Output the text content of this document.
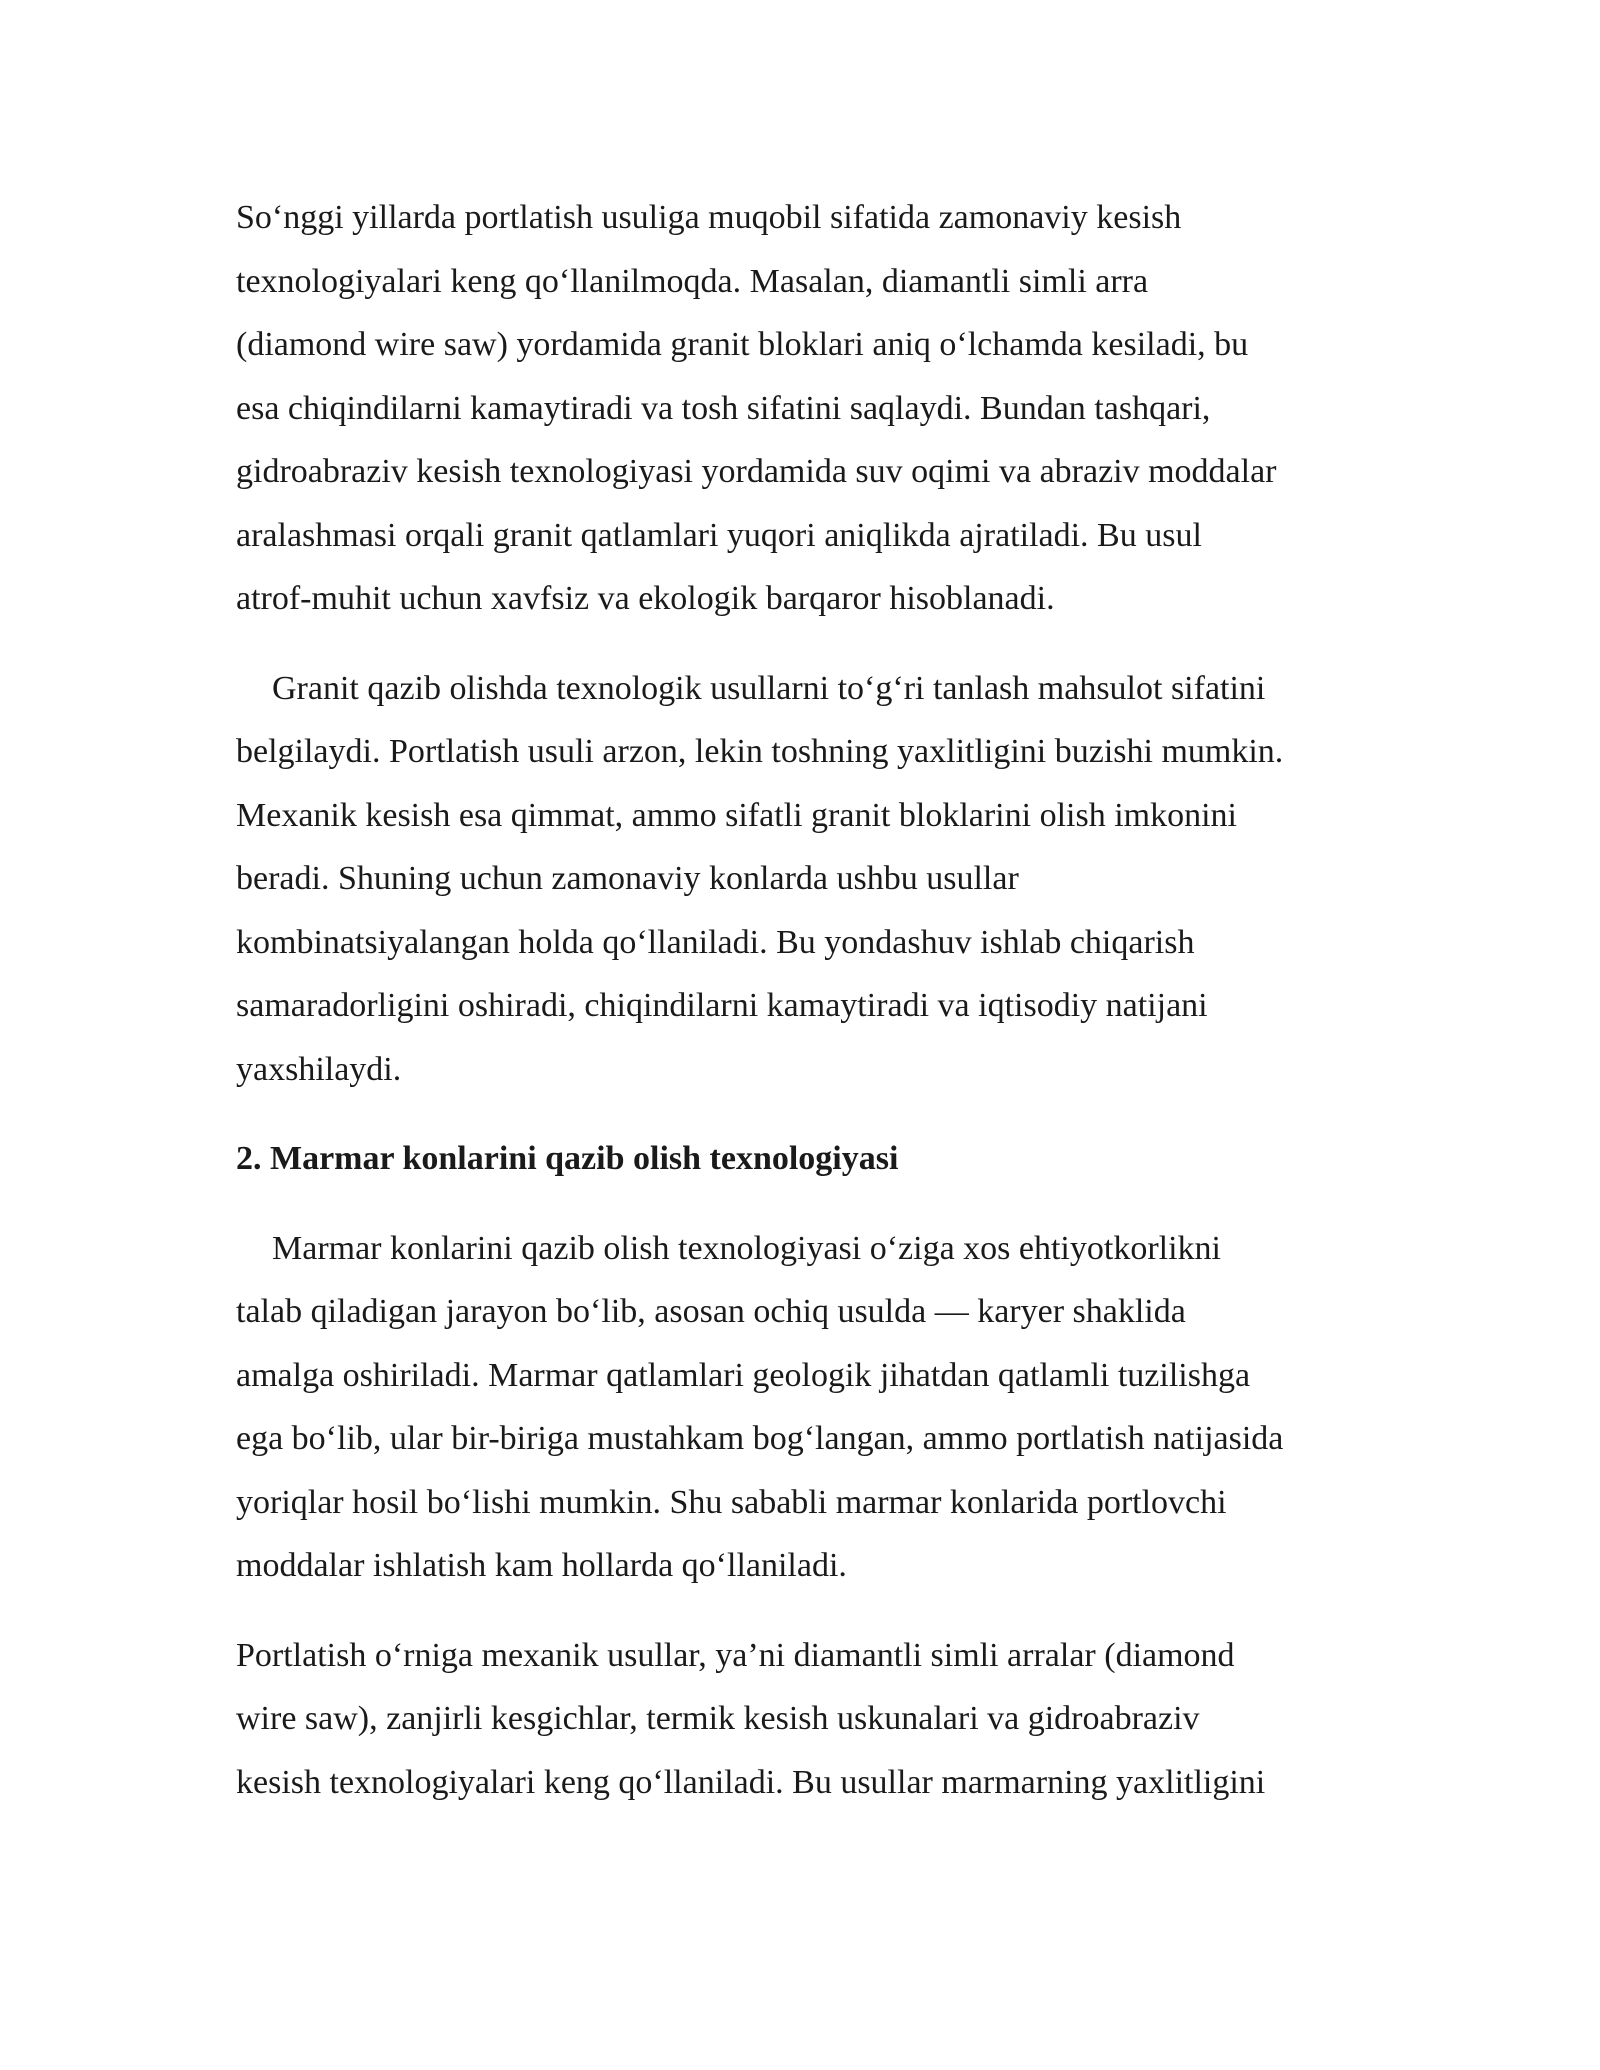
So‘nggi yillarda portlatish usuliga muqobil sifatida zamonaviy kesish
texnologiyalari keng qo‘llanilmoqda. Masalan, diamantli simli arra
(diamond wire saw) yordamida granit bloklari aniq o‘lchamda kesiladi, bu
esa chiqindilarni kamaytiradi va tosh sifatini saqlaydi. Bundan tashqari,
gidroabraziv kesish texnologiyasi yordamida suv oqimi va abraziv moddalar
aralashmasi orqali granit qatlamlari yuqori aniqlikda ajratiladi. Bu usul
atrof-muhit uchun xavfsiz va ekologik barqaror hisoblanadi.

Granit qazib olishda texnologik usullarni to‘g‘ri tanlash mahsulot sifatini
belgilaydi. Portlatish usuli arzon, lekin toshning yaxlitligini buzishi mumkin.
Mexanik kesish esa qimmat, ammo sifatli granit bloklarini olish imkonini
beradi. Shuning uchun zamonaviy konlarda ushbu usullar
kombinatsiyalangan holda qo‘llaniladi. Bu yondashuv ishlab chiqarish
samaradorligini oshiradi, chiqindilarni kamaytiradi va iqtisodiy natijani
yaxshilaydi.

2. Marmar konlarini qazib olish texnologiyasi

Marmar konlarini qazib olish texnologiyasi o‘ziga xos ehtiyotkorlikni
talab qiladigan jarayon bo‘lib, asosan ochiq usulda — karyer shaklida
amalga oshiriladi. Marmar qatlamlari geologik jihatdan qatlamli tuzilishga
ega bo‘lib, ular bir-biriga mustahkam bog‘langan, ammo portlatish natijasida
yoriqlar hosil bo‘lishi mumkin. Shu sababli marmar konlarida portlovchi
moddalar ishlatish kam hollarda qo‘llaniladi.

Portlatish o‘rniga mexanik usullar, ya’ni diamantli simli arralar (diamond
wire saw), zanjirli kesgichlar, termik kesish uskunalari va gidroabraziv
kesish texnologiyalari keng qo‘llaniladi. Bu usullar marmarning yaxlitligini
